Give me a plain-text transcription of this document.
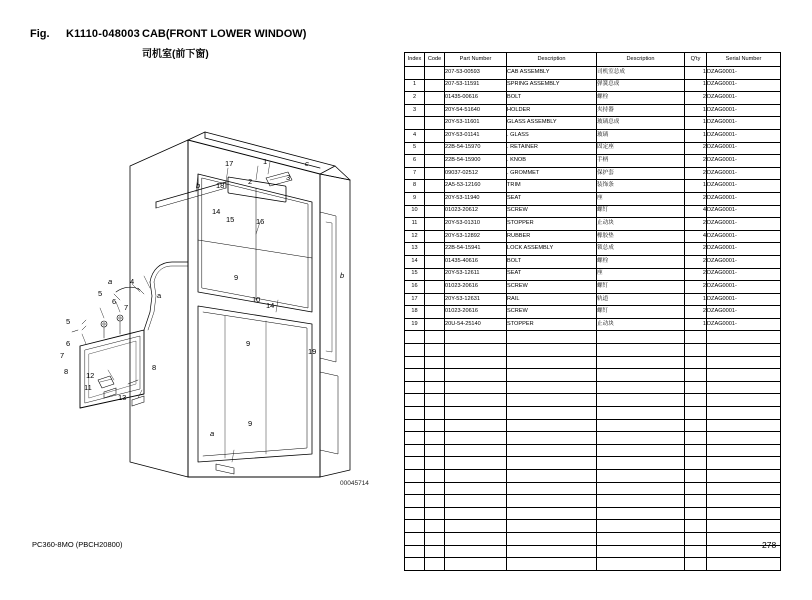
Fig. K1110-048003 CAB(FRONT LOWER WINDOW)
司机室(前下窗)
17	1	c
b 18	2	3
a 4
5
6
7
5
6
7
8 12
11
13
8
a
14
15	16
b
9
14
10
9
19
a
9
00045714
Index	Code	Part Number	Description	Description	Q'ty	Serial Number
		207-53-00593	CAB ASSEMBLY	司机室总成	1	DZAG0001-
1		207-53-11591	SPRING ASSEMBLY	弹簧总成	1	DZAG0001-
2		01435-00616	BOLT	螺栓	2	DZAG0001-
3		20Y-54-51640	HOLDER	夹持器	1	DZAG0001-
		20Y-53-11601	GLASS ASSEMBLY	玻璃总成	1	DZAG0001-
4		20Y-53-01141	. GLASS	玻璃	1	DZAG0001-
5		22B-54-15970	. RETAINER	固定座	2	DZAG0001-
6		22B-54-15900	. KNOB	手柄	2	DZAG0001-
7		09037-02512	. GROMMET	保护套	2	DZAG0001-
8		2A5-53-12160	TRIM	装饰条	1	DZAG0001-
9		20Y-53-11940	SEAT	座	2	DZAG0001-
10		01023-20612	SCREW	螺钉	4	DZAG0001-
11		20Y-53-01310	STOPPER	止动块	2	DZAG0001-
12		20Y-53-12892	RUBBER	橡胶垫	4	DZAG0001-
13		22B-54-15941	LOCK ASSEMBLY	锁总成	2	DZAG0001-
14		01435-40616	BOLT	螺栓	2	DZAG0001-
15		20Y-53-12611	SEAT	座	2	DZAG0001-
16		01023-20616	SCREW	螺钉	2	DZAG0001-
17		20Y-53-12631	RAIL	轨道	1	DZAG0001-
18		01023-20616	SCREW	螺钉	2	DZAG0001-
19		20U-54-25140	STOPPER	止动块	1	DZAG0001-

PC360-8MO (PBCH20800)	278
